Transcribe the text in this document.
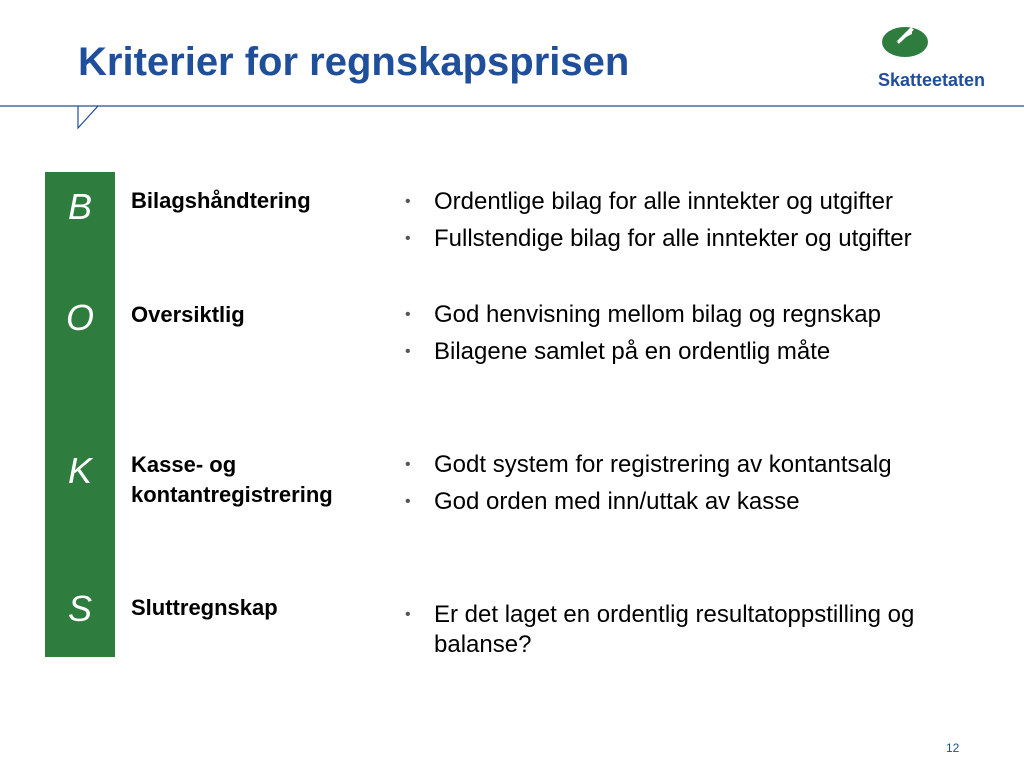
Kriterier for regnskapsprisen	Skatteetaten
B
O
K
S
Bilagshåndtering
Oversiktlig
Kasse- og
kontantregistrering
Sluttregnskap
• Ordentlige bilag for alle inntekter og utgifter
• Fullstendige bilag for alle inntekter og utgifter
• God henvisning mellom bilag og regnskap
• Bilagene samlet på en ordentlig måte
• Godt system for registrering av kontantsalg
• God orden med inn/uttak av kasse
• Er det laget en ordentlig resultatoppstilling og balanse?
12
